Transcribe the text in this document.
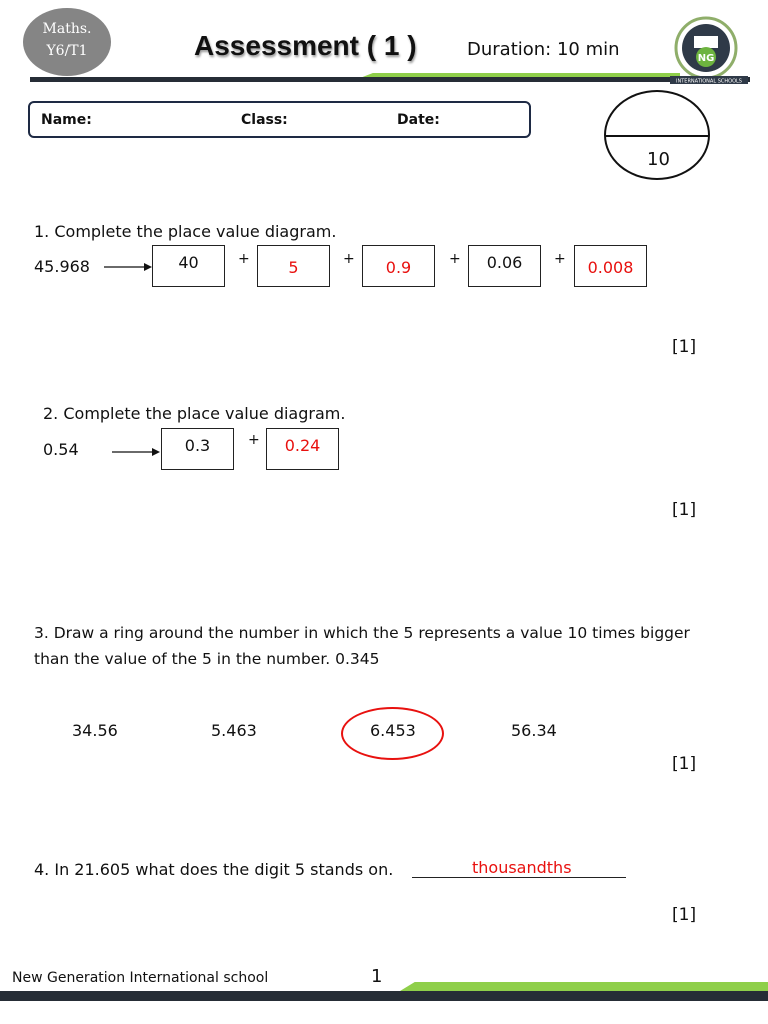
Maths.
Y6/T1	Assessment ( 1 )	Duration: 10 min	NG
INTERNATIONAL SCHOOLS
Name:	Class:	Date:
10
1. Complete the place value diagram.
45.968	40	+	5	+	0.9	+	0.06	+	0.008
[1]
2. Complete the place value diagram.
0.54	0.3	+	0.24
[1]
3. Draw a ring around the number in which the 5 represents a value 10 times bigger
than the value of the 5 in the number. 0.345
34.56	5.463	6.453	56.34
[1]
4. In 21.605 what does the digit 5 stands on.	thousandths
[1]
New Generation International school	1
